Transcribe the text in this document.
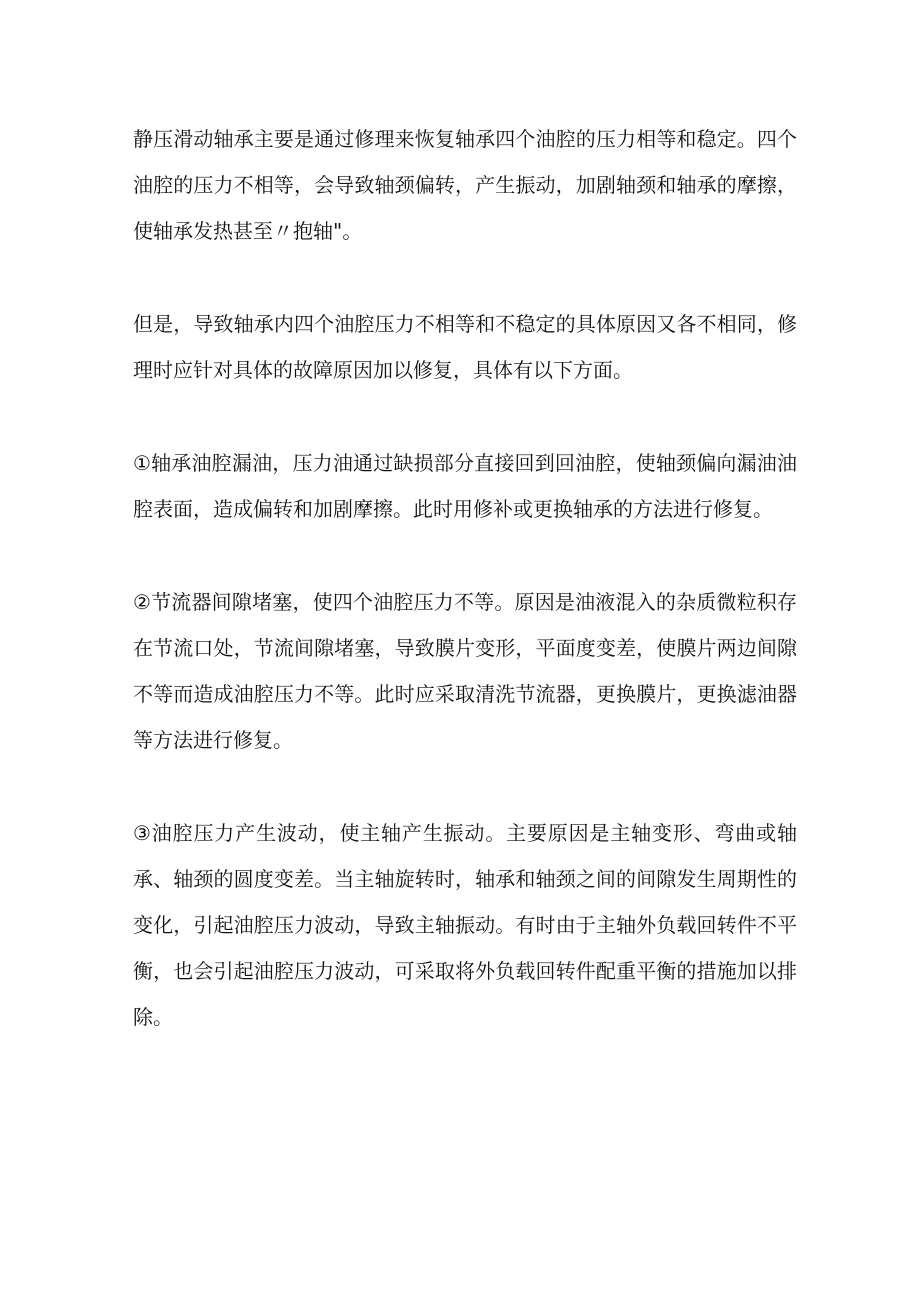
静压滑动轴承主要是通过修理来恢复轴承四个油腔的压力相等和稳定。四个油腔的压力不相等，会导致轴颈偏转，产生振动，加剧轴颈和轴承的摩擦，使轴承发热甚至〃抱轴"。

但是，导致轴承内四个油腔压力不相等和不稳定的具体原因又各不相同，修理时应针对具体的故障原因加以修复，具体有以下方面。

①轴承油腔漏油，压力油通过缺损部分直接回到回油腔，使轴颈偏向漏油油腔表面，造成偏转和加剧摩擦。此时用修补或更换轴承的方法进行修复。

②节流器间隙堵塞，使四个油腔压力不等。原因是油液混入的杂质微粒积存在节流口处，节流间隙堵塞，导致膜片变形，平面度变差，使膜片两边间隙不等而造成油腔压力不等。此时应采取清洗节流器，更换膜片，更换滤油器等方法进行修复。

③油腔压力产生波动，使主轴产生振动。主要原因是主轴变形、弯曲或轴承、轴颈的圆度变差。当主轴旋转时，轴承和轴颈之间的间隙发生周期性的变化，引起油腔压力波动，导致主轴振动。有时由于主轴外负载回转件不平衡，也会引起油腔压力波动，可采取将外负载回转件配重平衡的措施加以排除。
